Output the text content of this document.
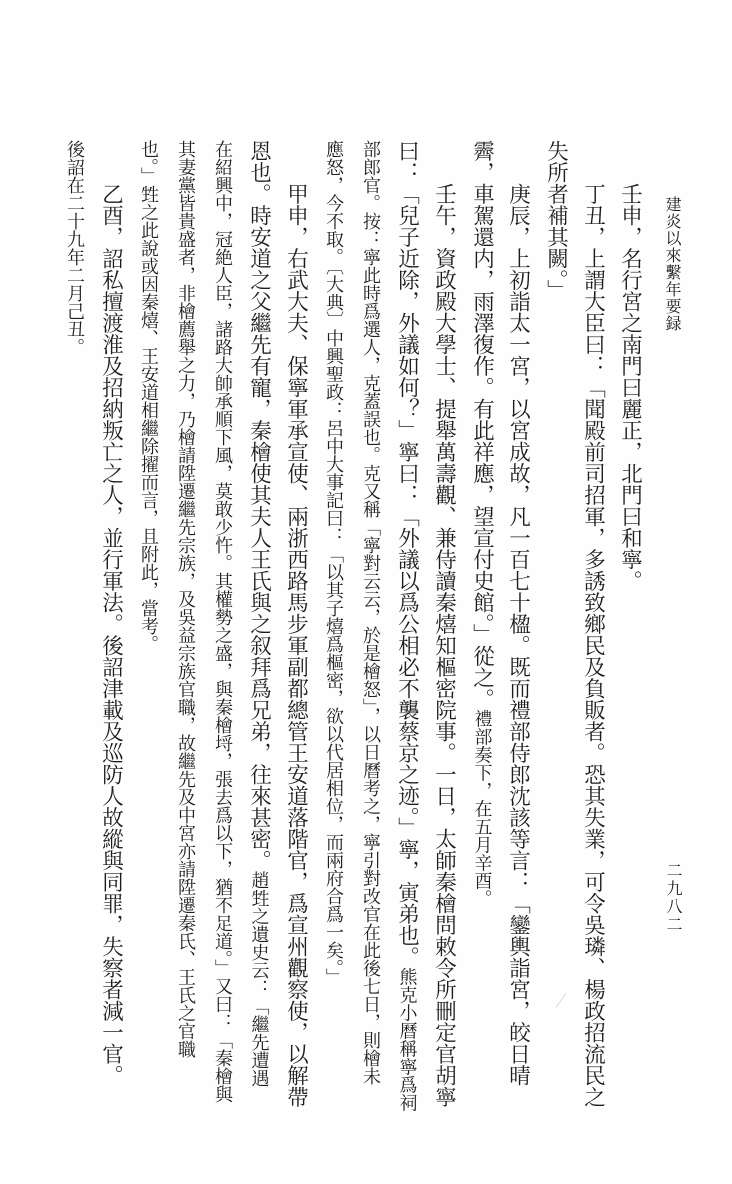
建炎以來繫年要録
二九八二
壬申，名行宮之南門曰麗正，北門曰和寧。
丁丑，上謂大臣曰：「聞殿前司招軍，多誘致鄉民及負販者。恐其失業，可令吳璘、楊政招流民之
失所者補其闕。」
庚辰，上初詣太一宮，以宮成故，凡一百七十楹。既而禮部侍郎沈該等言：「鑾輿詣宮，皎日晴
霽，車駕還内，雨澤復作。有此祥應，望宣付史館。」從之。禮部奏下，在五月辛酉。
壬午，資政殿大學士、提舉萬壽觀、兼侍讀秦熺知樞密院事。一日，太師秦檜問敕令所刪定官胡寧
曰：「兒子近除，外議如何？」寧曰：「外議以爲公相必不襲蔡京之迹。」寧，寅弟也。熊克小曆稱寧爲祠
部郎官。按：寧此時爲選人，克蓋誤也。克又稱「寧對云云，於是檜怒」，以日曆考之，寧引對改官在此後七日，則檜未
應怒，今不取。〔大典〕中興聖政：呂中大事記曰：「以其子熺爲樞密，欲以代居相位，而兩府合爲一矣。」
甲申，右武大夫、保寧軍承宣使、兩浙西路馬步軍副都總管王安道落階官，爲宣州觀察使，以解帶
恩也。時安道之父繼先有寵，秦檜使其夫人王氏與之叙拜爲兄弟，往來甚密。趙甡之遺史云：「繼先遭遇
在紹興中，冠絶人臣，諸路大帥承順下風，莫敢少忤。其權勢之盛，與秦檜埒，張去爲以下，猶不足道。」又曰：「秦檜與
其妻黨皆貴盛者，非檜薦舉之力，乃檜請陞遷繼先宗族，及吳益宗族官職，故繼先及中宮亦請陞遷秦氏、王氏之官職
也。」甡之此說或因秦熺、王安道相繼除擢而言，且附此，當考。
乙酉，詔私擅渡淮及招納叛亡之人，並行軍法。後詔津載及巡防人故縱與同罪，失察者減一官。
後詔在二十九年二月己丑。
